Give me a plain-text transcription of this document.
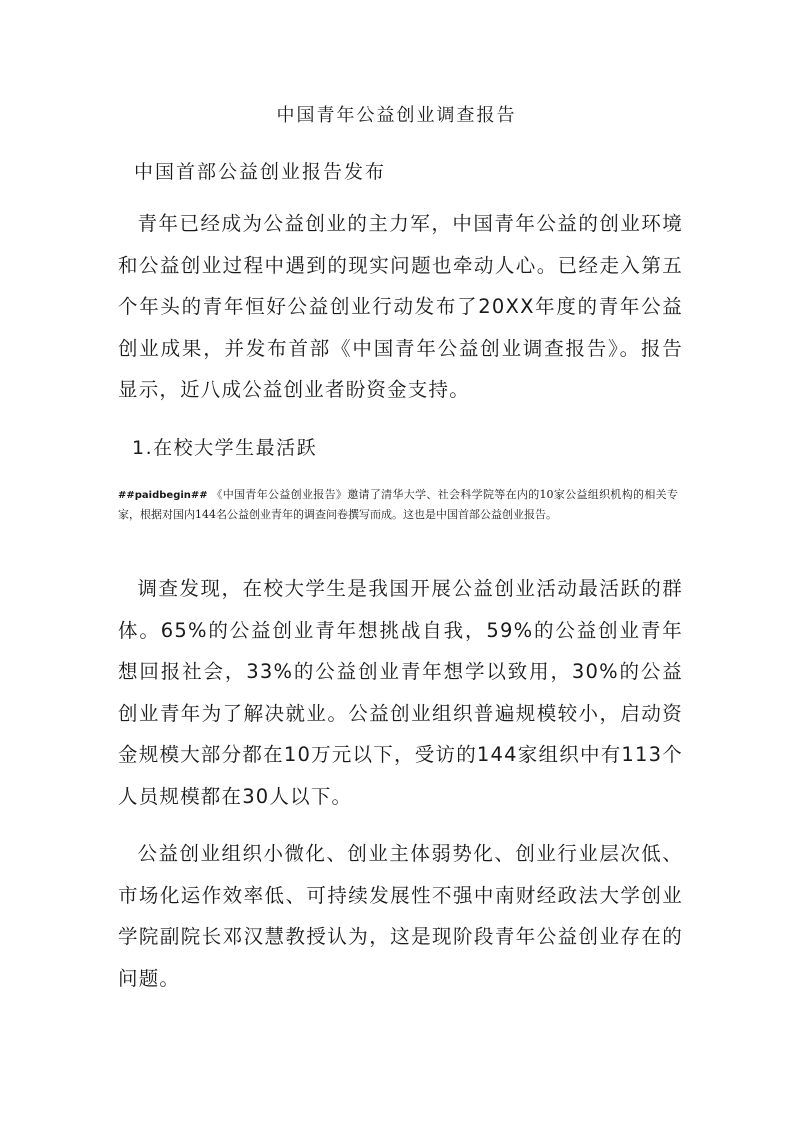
中国青年公益创业调查报告
中国首部公益创业报告发布

青年已经成为公益创业的主力军，中国青年公益的创业环境和公益创业过程中遇到的现实问题也牵动人心。已经走入第五个年头的青年恒好公益创业行动发布了20XX年度的青年公益创业成果，并发布首部《中国青年公益创业调查报告》。报告显示，近八成公益创业者盼资金支持。

1.在校大学生最活跃

##paidbegin## 《中国青年公益创业报告》邀请了清华大学、社会科学院等在内的10家公益组织机构的相关专家，根据对国内144名公益创业青年的调查问卷撰写而成。这也是中国首部公益创业报告。

调查发现，在校大学生是我国开展公益创业活动最活跃的群体。65%的公益创业青年想挑战自我，59%的公益创业青年想回报社会，33%的公益创业青年想学以致用，30%的公益创业青年为了解决就业。公益创业组织普遍规模较小，启动资金规模大部分都在10万元以下，受访的144家组织中有113个人员规模都在30人以下。

公益创业组织小微化、创业主体弱势化、创业行业层次低、市场化运作效率低、可持续发展性不强中南财经政法大学创业学院副院长邓汉慧教授认为，这是现阶段青年公益创业存在的问题。
